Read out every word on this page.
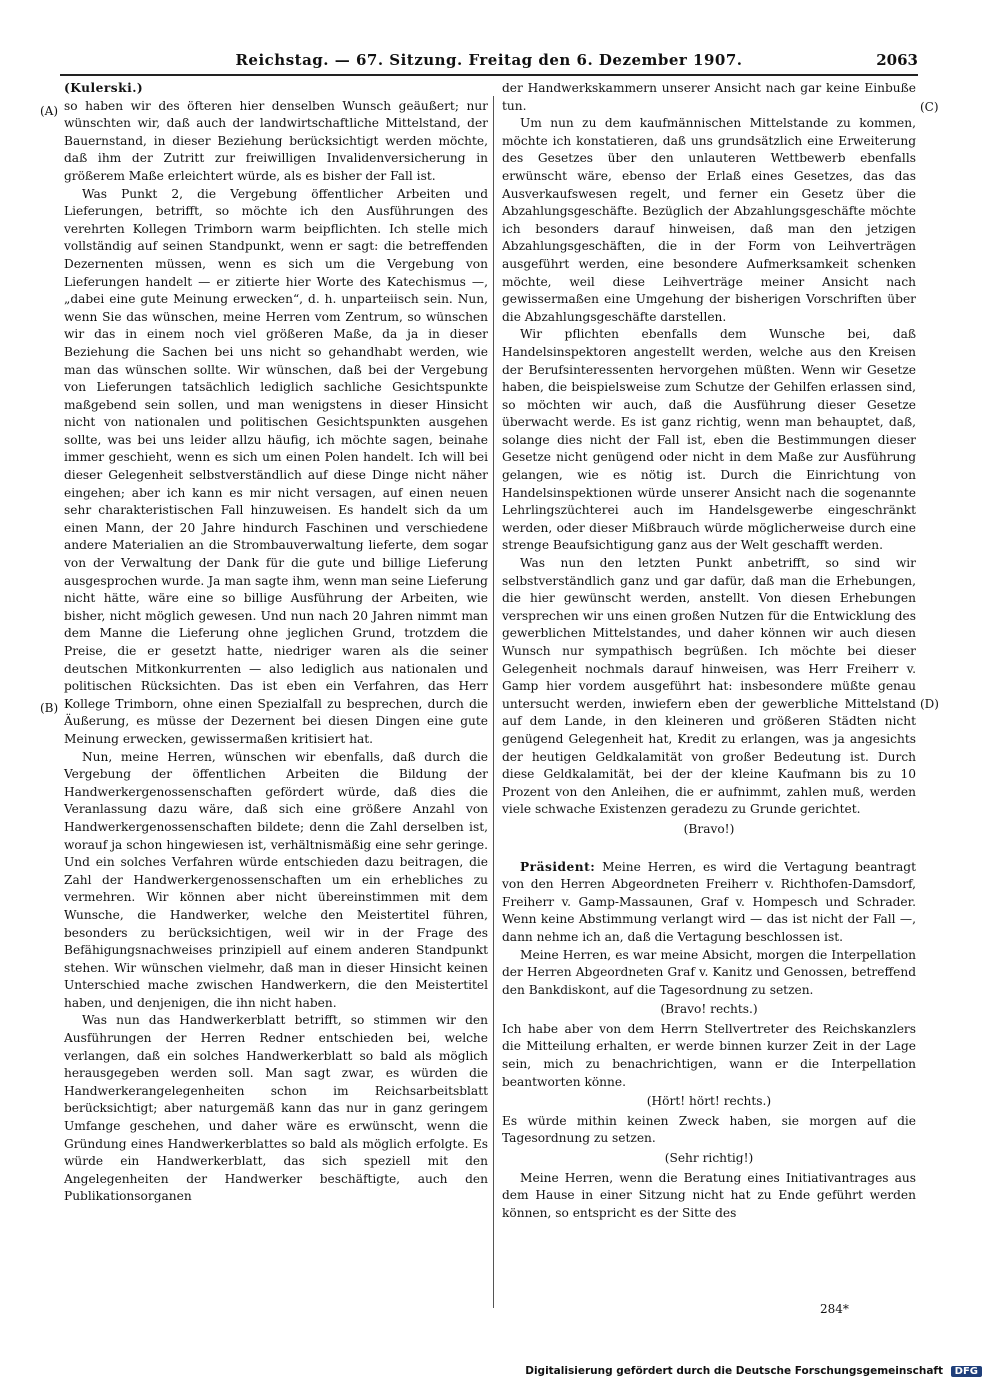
Reichstag. — 67. Sitzung. Freitag den 6. Dezember 1907.	2063
(A)
(B)
(C)
(D)

(Kulerski.)

so haben wir des öfteren hier denselben Wunsch geäußert; nur wünschten wir, daß auch der landwirtschaftliche Mittelstand, der Bauernstand, in dieser Beziehung berücksichtigt werden möchte, daß ihm der Zutritt zur freiwilligen Invalidenversicherung in größerem Maße erleichtert würde, als es bisher der Fall ist.

Was Punkt 2, die Vergebung öffentlicher Arbeiten und Lieferungen, betrifft, so möchte ich den Ausführungen des verehrten Kollegen Trimborn warm beipflichten. Ich stelle mich vollständig auf seinen Standpunkt, wenn er sagt: die betreffenden Dezernenten müssen, wenn es sich um die Vergebung von Lieferungen handelt — er zitierte hier Worte des Katechismus —, „dabei eine gute Meinung erwecken“, d. h. unparteiisch sein. Nun, wenn Sie das wünschen, meine Herren vom Zentrum, so wünschen wir das in einem noch viel größeren Maße, da ja in dieser Beziehung die Sachen bei uns nicht so gehandhabt werden, wie man das wünschen sollte. Wir wünschen, daß bei der Vergebung von Lieferungen tatsächlich lediglich sachliche Gesichtspunkte maßgebend sein sollen, und man wenigstens in dieser Hinsicht nicht von nationalen und politischen Gesichtspunkten ausgehen sollte, was bei uns leider allzu häufig, ich möchte sagen, beinahe immer geschieht, wenn es sich um einen Polen handelt. Ich will bei dieser Gelegenheit selbstverständlich auf diese Dinge nicht näher eingehen; aber ich kann es mir nicht versagen, auf einen neuen sehr charakteristischen Fall hinzuweisen. Es handelt sich da um einen Mann, der 20 Jahre hindurch Faschinen und verschiedene andere Materialien an die Strombauverwaltung lieferte, dem sogar von der Verwaltung der Dank für die gute und billige Lieferung ausgesprochen wurde. Ja man sagte ihm, wenn man seine Lieferung nicht hätte, wäre eine so billige Ausführung der Arbeiten, wie bisher, nicht möglich gewesen. Und nun nach 20 Jahren nimmt man dem Manne die Lieferung ohne jeglichen Grund, trotzdem die Preise, die er gesetzt hatte, niedriger waren als die seiner deutschen Mitkonkurrenten — also lediglich aus nationalen und politischen Rücksichten. Das ist eben ein Verfahren, das Herr Kollege Trimborn, ohne einen Spezialfall zu besprechen, durch die Äußerung, es müsse der Dezernent bei diesen Dingen eine gute Meinung erwecken, gewissermaßen kritisiert hat.

Nun, meine Herren, wünschen wir ebenfalls, daß durch die Vergebung der öffentlichen Arbeiten die Bildung der Handwerkergenossenschaften gefördert würde, daß dies die Veranlassung dazu wäre, daß sich eine größere Anzahl von Handwerkergenossenschaften bildete; denn die Zahl derselben ist, worauf ja schon hingewiesen ist, verhältnismäßig eine sehr geringe. Und ein solches Verfahren würde entschieden dazu beitragen, die Zahl der Handwerkergenossenschaften um ein erhebliches zu vermehren. Wir können aber nicht übereinstimmen mit dem Wunsche, die Handwerker, welche den Meistertitel führen, besonders zu berücksichtigen, weil wir in der Frage des Befähigungsnachweises prinzipiell auf einem anderen Standpunkt stehen. Wir wünschen vielmehr, daß man in dieser Hinsicht keinen Unterschied mache zwischen Handwerkern, die den Meistertitel haben, und denjenigen, die ihn nicht haben.

Was nun das Handwerkerblatt betrifft, so stimmen wir den Ausführungen der Herren Redner entschieden bei, welche verlangen, daß ein solches Handwerkerblatt so bald als möglich herausgegeben werden soll. Man sagt zwar, es würden die Handwerkerangelegenheiten schon im Reichsarbeitsblatt berücksichtigt; aber naturgemäß kann das nur in ganz geringem Umfange geschehen, und daher wäre es erwünscht, wenn die Gründung eines Handwerkerblattes so bald als möglich erfolgte. Es würde ein Handwerkerblatt, das sich speziell mit den Angelegenheiten der Handwerker beschäftigte, auch den Publikationsorganen

der Handwerkskammern unserer Ansicht nach gar keine Einbuße tun.

Um nun zu dem kaufmännischen Mittelstande zu kommen, möchte ich konstatieren, daß uns grundsätzlich eine Erweiterung des Gesetzes über den unlauteren Wettbewerb ebenfalls erwünscht wäre, ebenso der Erlaß eines Gesetzes, das das Ausverkaufswesen regelt, und ferner ein Gesetz über die Abzahlungsgeschäfte. Bezüglich der Abzahlungsgeschäfte möchte ich besonders darauf hinweisen, daß man den jetzigen Abzahlungsgeschäften, die in der Form von Leihverträgen ausgeführt werden, eine besondere Aufmerksamkeit schenken möchte, weil diese Leihverträge meiner Ansicht nach gewissermaßen eine Umgehung der bisherigen Vorschriften über die Abzahlungsgeschäfte darstellen.

Wir pflichten ebenfalls dem Wunsche bei, daß Handelsinspektoren angestellt werden, welche aus den Kreisen der Berufsinteressenten hervorgehen müßten. Wenn wir Gesetze haben, die beispielsweise zum Schutze der Gehilfen erlassen sind, so möchten wir auch, daß die Ausführung dieser Gesetze überwacht werde. Es ist ganz richtig, wenn man behauptet, daß, solange dies nicht der Fall ist, eben die Bestimmungen dieser Gesetze nicht genügend oder nicht in dem Maße zur Ausführung gelangen, wie es nötig ist. Durch die Einrichtung von Handelsinspektionen würde unserer Ansicht nach die sogenannte Lehrlingszüchterei auch im Handelsgewerbe eingeschränkt werden, oder dieser Mißbrauch würde möglicherweise durch eine strenge Beaufsichtigung ganz aus der Welt geschafft werden.

Was nun den letzten Punkt anbetrifft, so sind wir selbstverständlich ganz und gar dafür, daß man die Erhebungen, die hier gewünscht werden, anstellt. Von diesen Erhebungen versprechen wir uns einen großen Nutzen für die Entwicklung des gewerblichen Mittelstandes, und daher können wir auch diesen Wunsch nur sympathisch begrüßen. Ich möchte bei dieser Gelegenheit nochmals darauf hinweisen, was Herr Freiherr v. Gamp hier vordem ausgeführt hat: insbesondere müßte genau untersucht werden, inwiefern eben der gewerbliche Mittelstand auf dem Lande, in den kleineren und größeren Städten nicht genügend Gelegenheit hat, Kredit zu erlangen, was ja angesichts der heutigen Geldkalamität von großer Bedeutung ist. Durch diese Geldkalamität, bei der der kleine Kaufmann bis zu 10 Prozent von den Anleihen, die er aufnimmt, zahlen muß, werden viele schwache Existenzen geradezu zu Grunde gerichtet.

(Bravo!)

Präsident: Meine Herren, es wird die Vertagung beantragt von den Herren Abgeordneten Freiherr v. Richthofen-Damsdorf, Freiherr v. Gamp-Massaunen, Graf v. Hompesch und Schrader. Wenn keine Abstimmung verlangt wird — das ist nicht der Fall —, dann nehme ich an, daß die Vertagung beschlossen ist.

Meine Herren, es war meine Absicht, morgen die Interpellation der Herren Abgeordneten Graf v. Kanitz und Genossen, betreffend den Bankdiskont, auf die Tagesordnung zu setzen.

(Bravo! rechts.)

Ich habe aber von dem Herrn Stellvertreter des Reichskanzlers die Mitteilung erhalten, er werde binnen kurzer Zeit in der Lage sein, mich zu benachrichtigen, wann er die Interpellation beantworten könne.

(Hört! hört! rechts.)

Es würde mithin keinen Zweck haben, sie morgen auf die Tagesordnung zu setzen.

(Sehr richtig!)

Meine Herren, wenn die Beratung eines Initiativantrages aus dem Hause in einer Sitzung nicht hat zu Ende geführt werden können, so entspricht es der Sitte des

284*
Digitalisierung gefördert durch die Deutsche Forschungsgemeinschaft DFG
